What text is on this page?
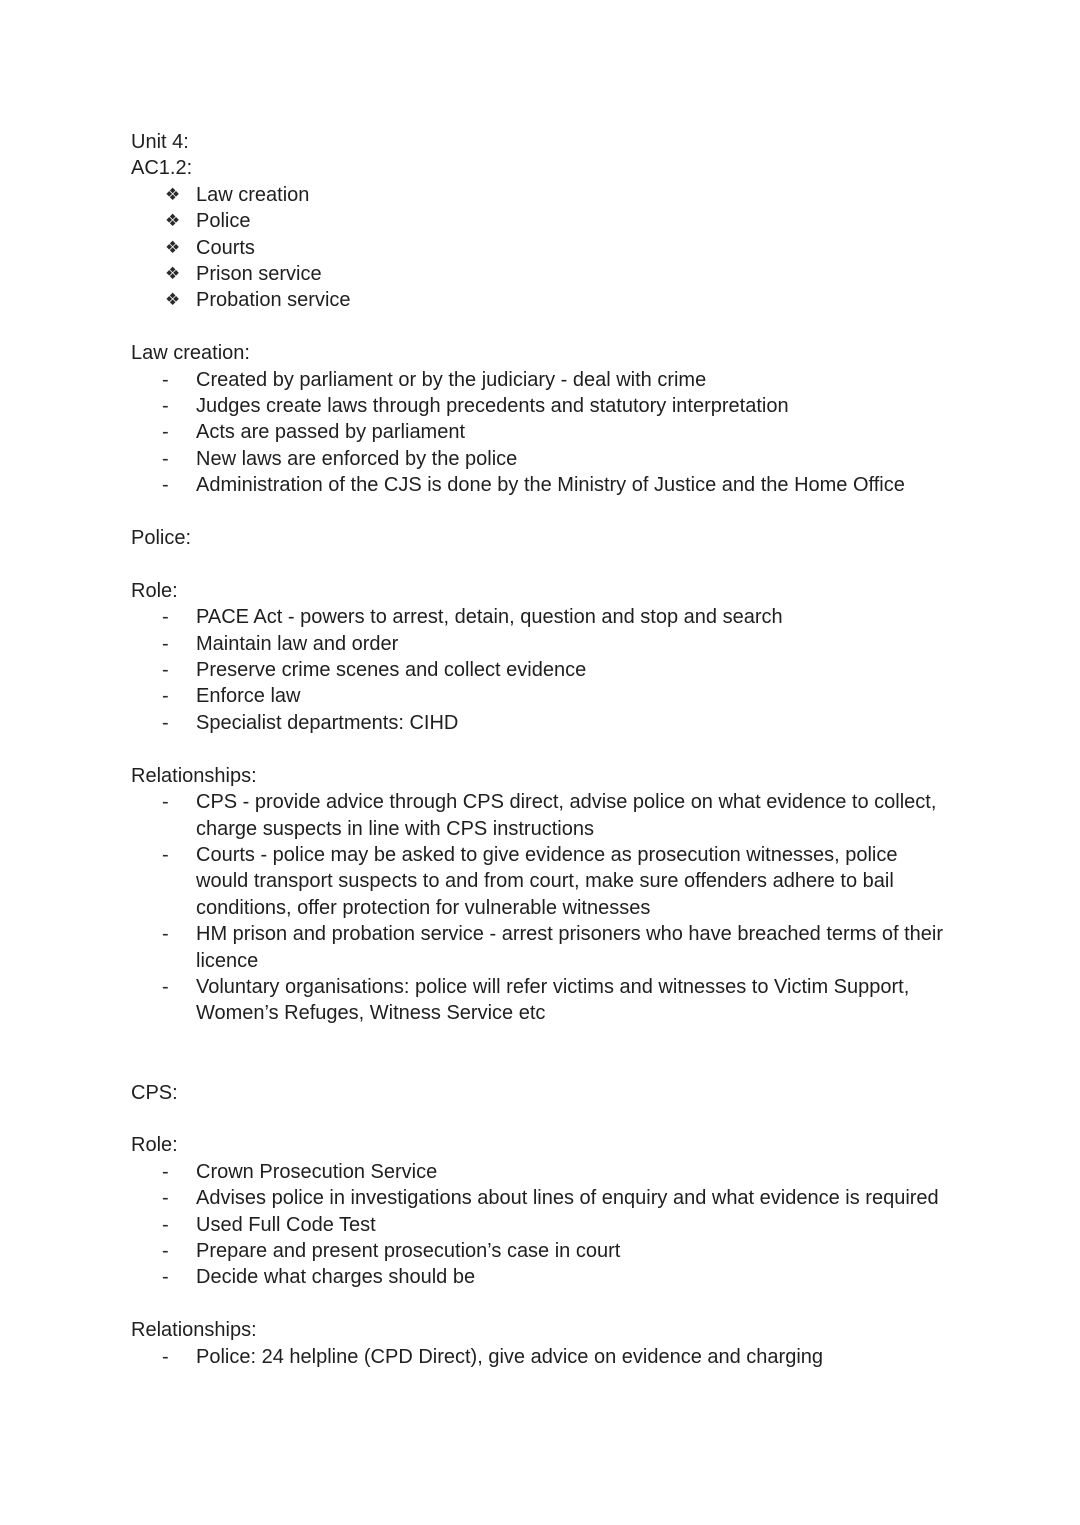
Unit 4:
AC1.2:
❖ Law creation
❖ Police
❖ Courts
❖ Prison service
❖ Probation service
Law creation:
- Created by parliament or by the judiciary - deal with crime
- Judges create laws through precedents and statutory interpretation
- Acts are passed by parliament
- New laws are enforced by the police
- Administration of the CJS is done by the Ministry of Justice and the Home Office
Police:
Role:
- PACE Act - powers to arrest, detain, question and stop and search
- Maintain law and order
- Preserve crime scenes and collect evidence
- Enforce law
- Specialist departments: CIHD
Relationships:
- CPS - provide advice through CPS direct, advise police on what evidence to collect,
charge suspects in line with CPS instructions
- Courts - police may be asked to give evidence as prosecution witnesses, police
would transport suspects to and from court, make sure offenders adhere to bail
conditions, offer protection for vulnerable witnesses
- HM prison and probation service - arrest prisoners who have breached terms of their
licence
- Voluntary organisations: police will refer victims and witnesses to Victim Support,
Women’s Refuges, Witness Service etc
CPS:
Role:
- Crown Prosecution Service
- Advises police in investigations about lines of enquiry and what evidence is required
- Used Full Code Test
- Prepare and present prosecution’s case in court
- Decide what charges should be
Relationships:
- Police: 24 helpline (CPD Direct), give advice on evidence and charging
